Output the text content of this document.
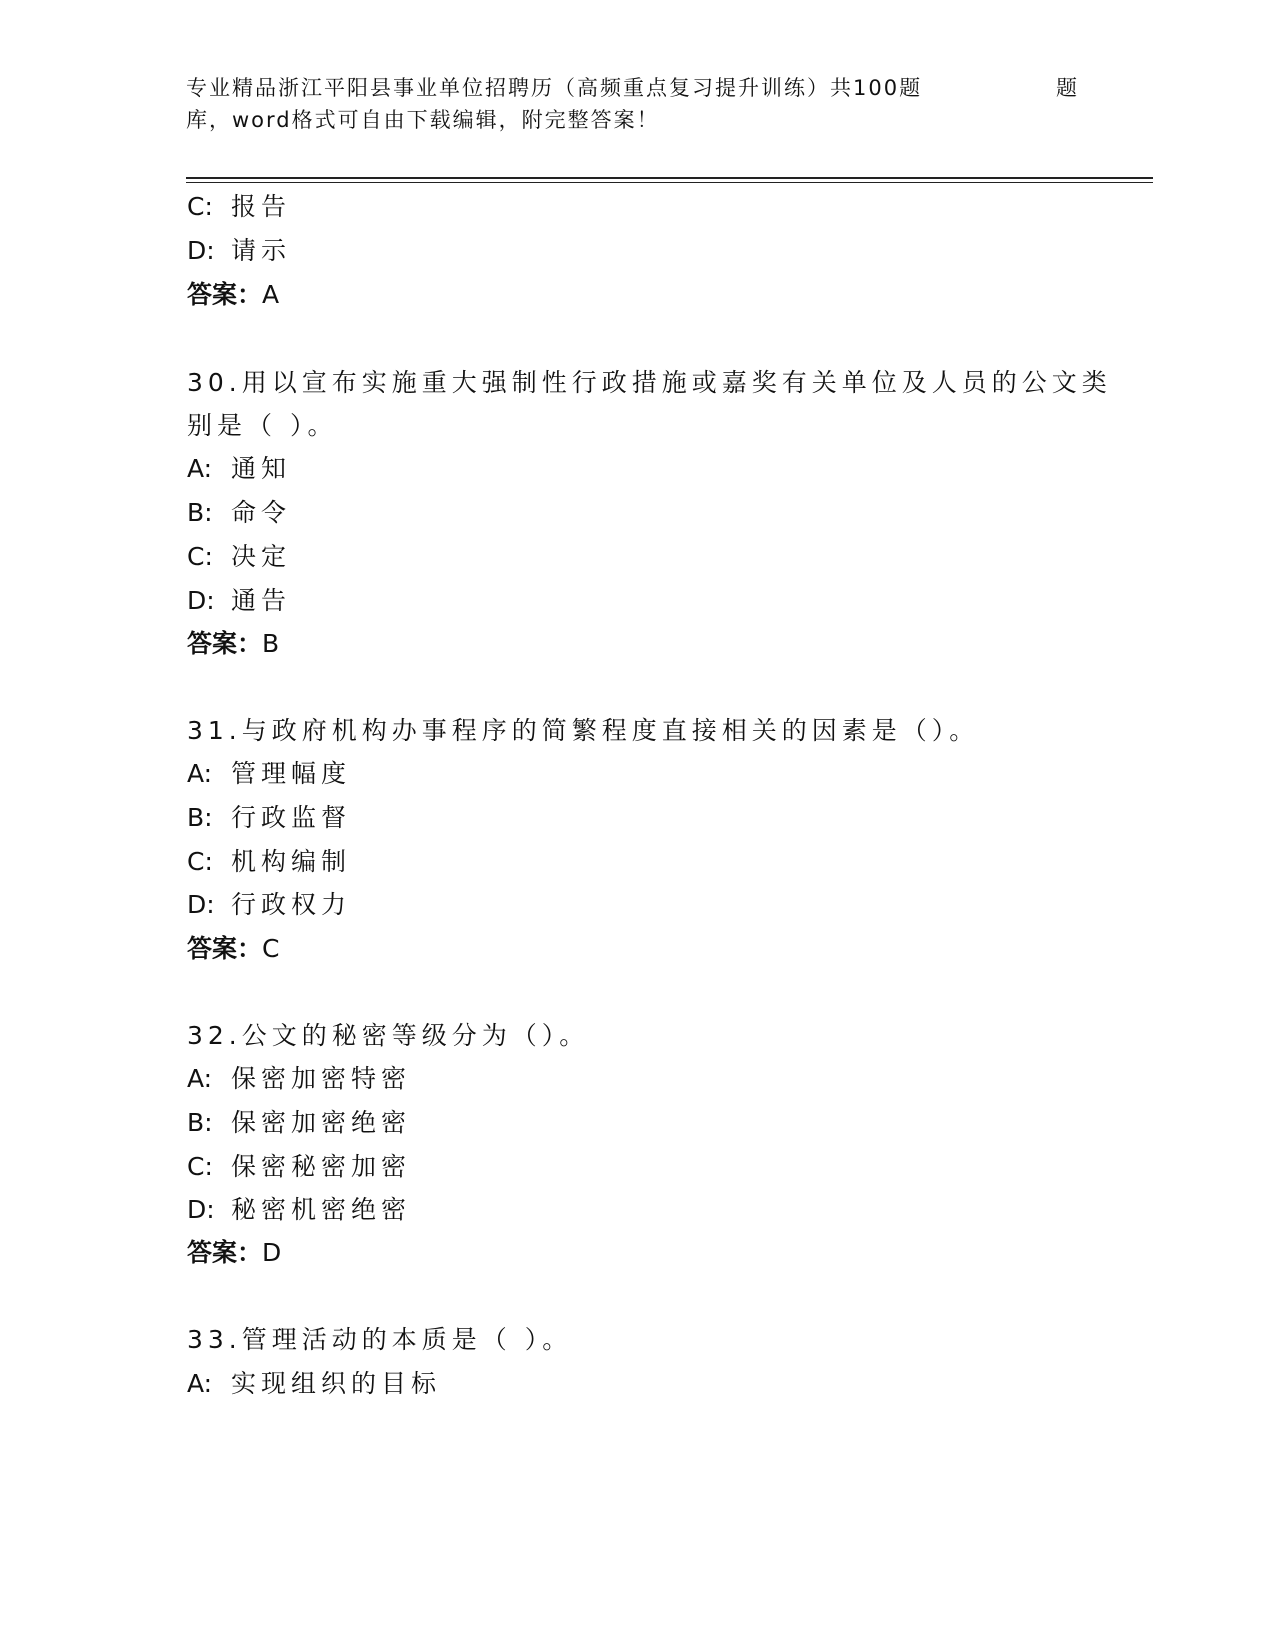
专业精品浙江平阳县事业单位招聘历（高频重点复习提升训练）共100题	题
库，word格式可自由下载编辑，附完整答案！
C: 报告
D: 请示
答案：A
30.用以宣布实施重大强制性行政措施或嘉奖有关单位及人员的公文类
别是（ ）。
A: 通知
B: 命令
C: 决定
D: 通告
答案：B
31.与政府机构办事程序的简繁程度直接相关的因素是（）。
A: 管理幅度
B: 行政监督
C: 机构编制
D: 行政权力
答案：C
32.公文的秘密等级分为（）。
A: 保密加密特密
B: 保密加密绝密
C: 保密秘密加密
D: 秘密机密绝密
答案：D
33.管理活动的本质是（ ）。
A: 实现组织的目标
